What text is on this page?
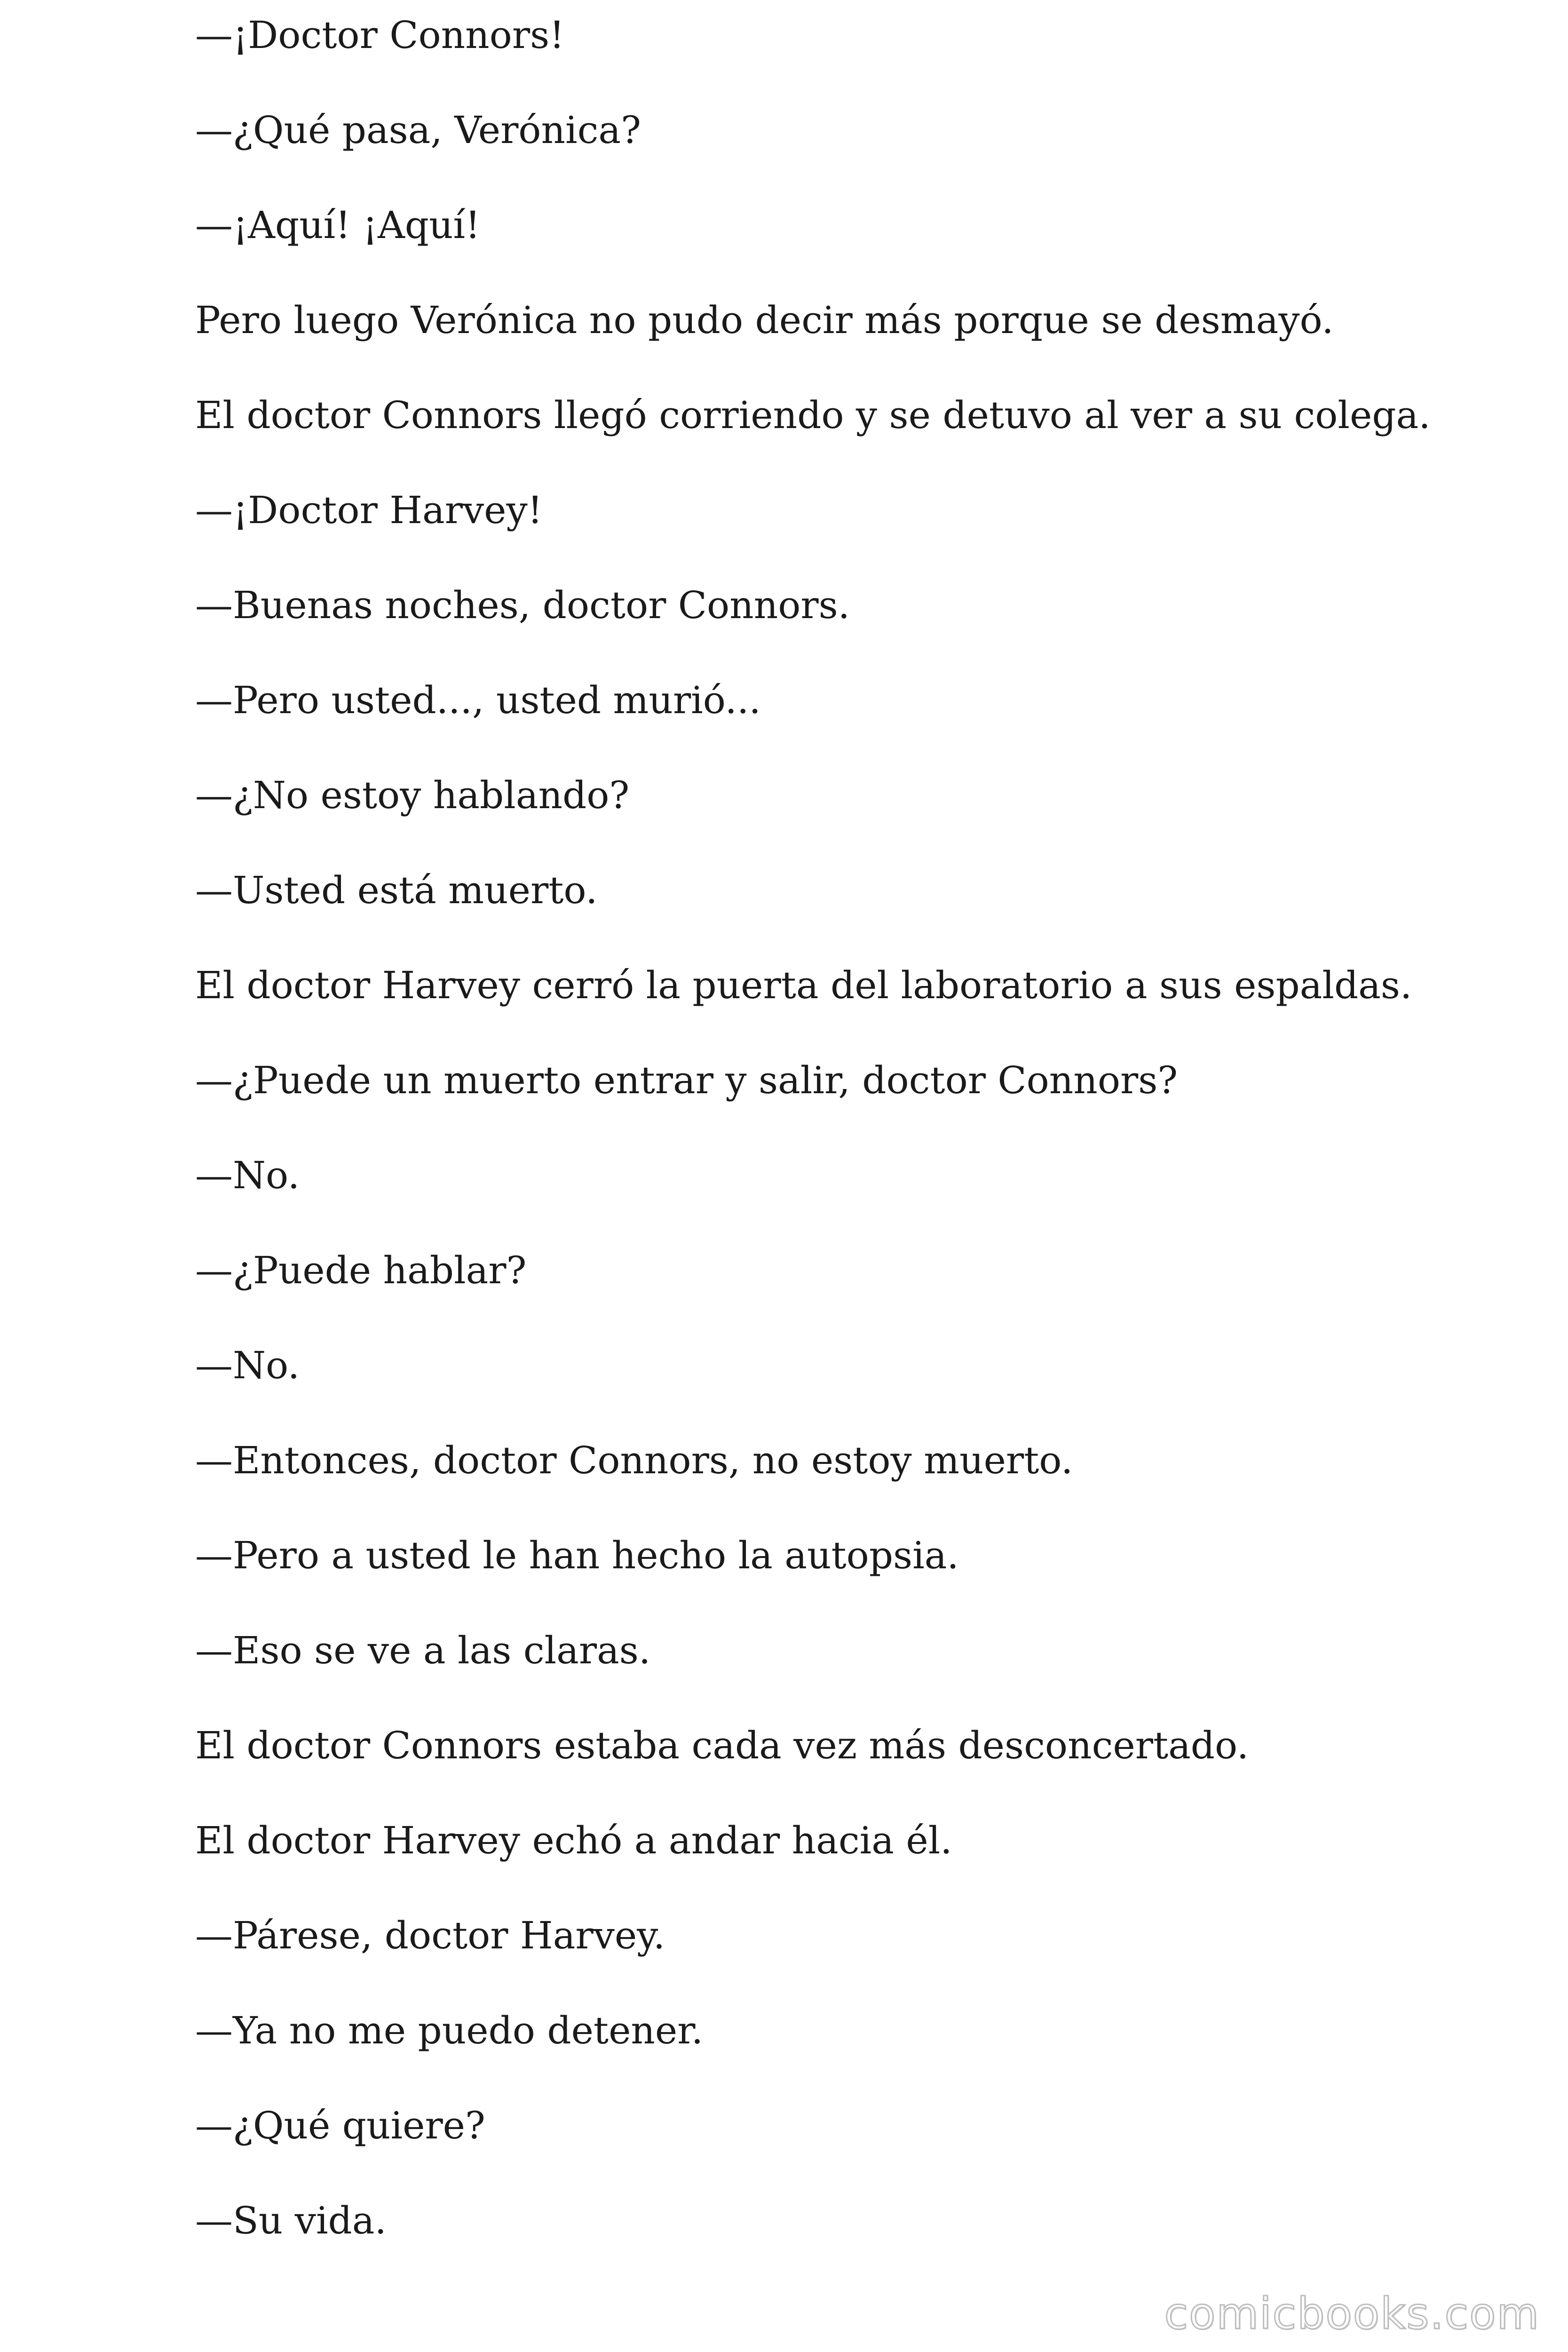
—¡Doctor Connors!

—¿Qué pasa, Verónica?

—¡Aquí! ¡Aquí!

Pero luego Verónica no pudo decir más porque se desmayó.

El doctor Connors llegó corriendo y se detuvo al ver a su colega.

—¡Doctor Harvey!

—Buenas noches, doctor Connors.

—Pero usted..., usted murió...

—¿No estoy hablando?

—Usted está muerto.

El doctor Harvey cerró la puerta del laboratorio a sus espaldas.

—¿Puede un muerto entrar y salir, doctor Connors?

—No.

—¿Puede hablar?

—No.

—Entonces, doctor Connors, no estoy muerto.

—Pero a usted le han hecho la autopsia.

—Eso se ve a las claras.

El doctor Connors estaba cada vez más desconcertado.

El doctor Harvey echó a andar hacia él.

—Párese, doctor Harvey.

—Ya no me puedo detener.

—¿Qué quiere?

—Su vida.

comicbooks.com
